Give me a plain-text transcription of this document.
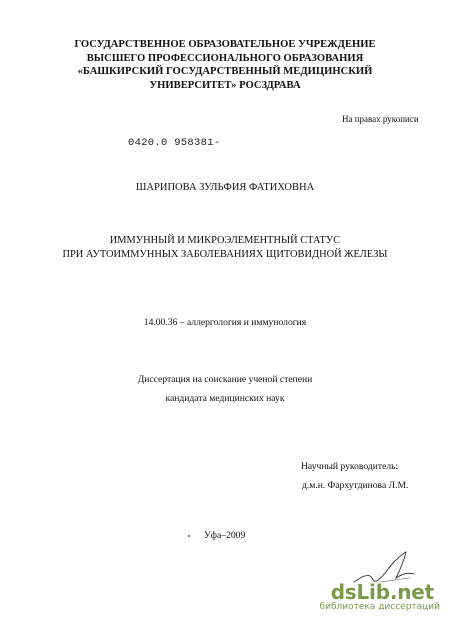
ГОСУДАРСТВЕННОЕ ОБРАЗОВАТЕЛЬНОЕ УЧРЕЖДЕНИЕ
ВЫСШЕГО ПРОФЕССИОНАЛЬНОГО ОБРАЗОВАНИЯ
«БАШКИРСКИЙ ГОСУДАРСТВЕННЫЙ МЕДИЦИНСКИЙ
УНИВЕРСИТЕТ» РОСЗДРАВА
На правах рукописи
0420.0 958381-
ШАРИПОВА ЗУЛЬФИЯ ФАТИХОВНА
ИММУННЫЙ И МИКРОЭЛЕМЕНТНЫЙ СТАТУС
ПРИ АУТОИММУННЫХ ЗАБОЛЕВАНИЯХ ЩИТОВИДНОЙ ЖЕЛЕЗЫ
14.00.36 – аллергология и иммунология
Диссертация на соискание ученой степени
кандидата медицинских наук
Научный руководитель:
д.м.н. Фархутдинова Л.М.
Уфа–2009
dsLib.net
библиотека диссертаций
